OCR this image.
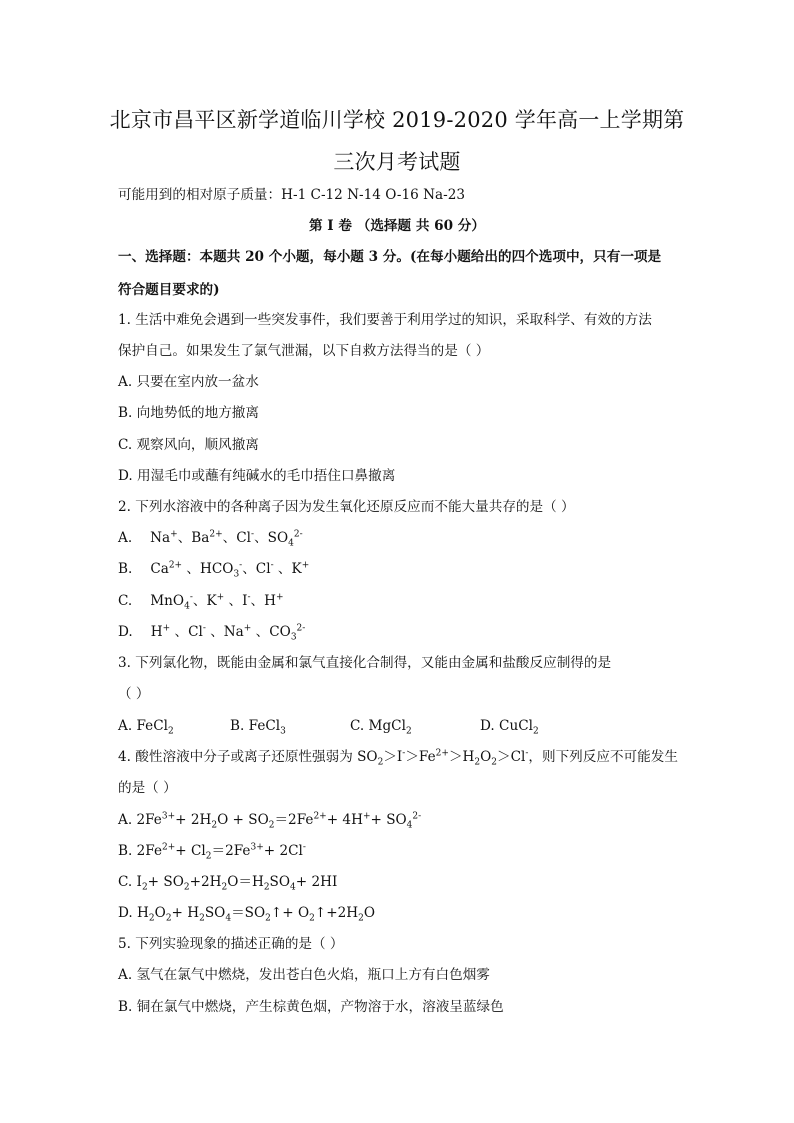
北京市昌平区新学道临川学校 2019-2020 学年高一上学期第
三次月考试题
可能用到的相对原子质量：H-1 C-12 N-14 O-16 Na-23
第 I 卷 （选择题 共 60 分）
一、选择题：本题共 20 个小题，每小题 3 分。(在每小题给出的四个选项中，只有一项是
符合题目要求的)
1. 生活中难免会遇到一些突发事件，我们要善于利用学过的知识，采取科学、有效的方法
保护自己。如果发生了氯气泄漏，以下自救方法得当的是（ ）
A. 只要在室内放一盆水
B. 向地势低的地方撤离
C. 观察风向，顺风撤离
D. 用湿毛巾或蘸有纯碱水的毛巾捂住口鼻撤离
2. 下列水溶液中的各种离子因为发生氧化还原反应而不能大量共存的是（ ）
A. Na+、$Ba^{2+}$、Cl-、$SO_4^{2-}$
B. $Ca^{2+}$ 、$HCO_3^-$、Cl- 、K+
C. MnO$_4$-、K+ 、I-、H+
D. H+ 、Cl- 、Na+ 、$CO_3^{2-}$
3. 下列氯化物，既能由金属和氯气直接化合制得，又能由金属和盐酸反应制得的是
（ ）
A. FeCl$_2$	B. FeCl$_3$	C. MgCl$_2$	D. CuCl$_2$
4. 酸性溶液中分子或离子还原性强弱为 $SO_2>I^->Fe^{2+}>H_2O_2>Cl^-$，则下列反应不可能发生
的是（ ）
A. $2Fe^{3+}+ 2H_2O + SO_2=2Fe^{2+}+ 4H^++ SO_4^{2-}$
B. $2Fe^{2+}+ Cl_2=2Fe^{3+}+ 2Cl^-$
C. $I_2+ SO_2+2H_2O=H_2SO_4+ 2HI$
D. $H_2O_2+$ $H_2SO_4=SO_2↑+$ $O_2↑+2H_2O$
5. 下列实验现象的描述正确的是（ ）
A. 氢气在氯气中燃烧，发出苍白色火焰，瓶口上方有白色烟雾
B. 铜在氯气中燃烧，产生棕黄色烟，产物溶于水，溶液呈蓝绿色
